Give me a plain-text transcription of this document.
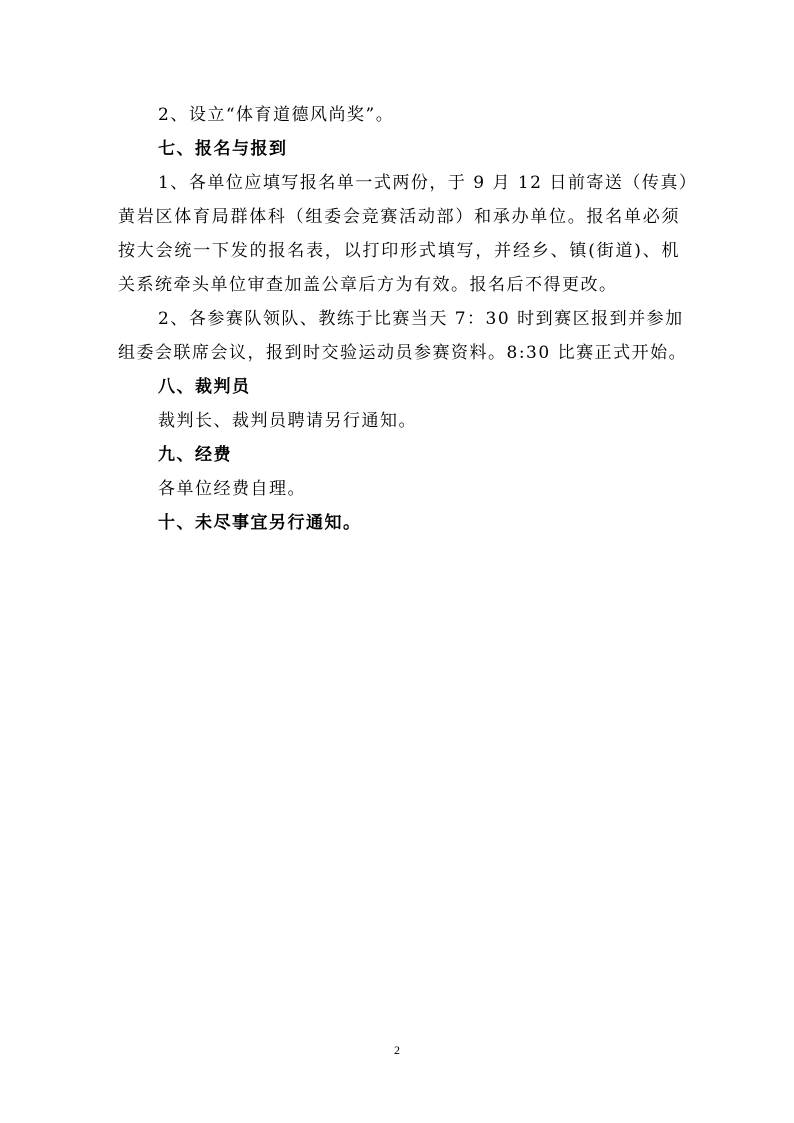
2、设立“体育道德风尚奖”。
七、报名与报到
1、各单位应填写报名单一式两份，于 9 月 12 日前寄送（传真）
黄岩区体育局群体科（组委会竞赛活动部）和承办单位。报名单必须
按大会统一下发的报名表，以打印形式填写，并经乡、镇(街道)、机
关系统牵头单位审查加盖公章后方为有效。报名后不得更改。
2、各参赛队领队、教练于比赛当天 7：30 时到赛区报到并参加
组委会联席会议，报到时交验运动员参赛资料。8:30 比赛正式开始。
八、裁判员
裁判长、裁判员聘请另行通知。
九、经费
各单位经费自理。
十、未尽事宜另行通知。
2
